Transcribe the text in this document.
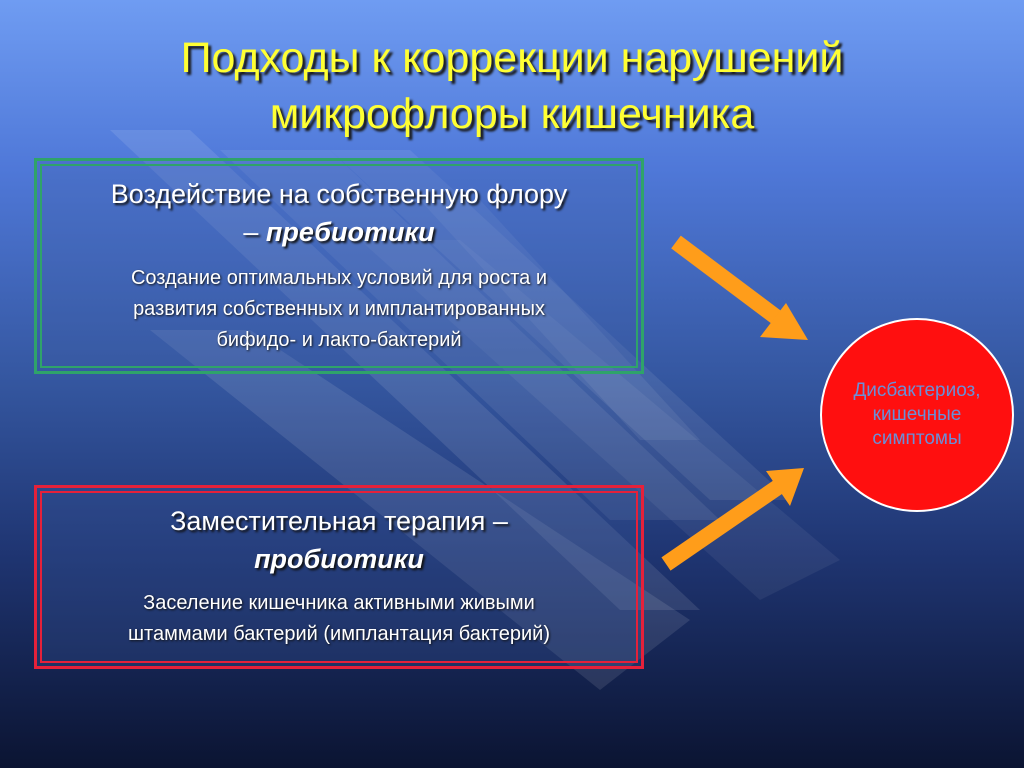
Подходы к коррекции нарушений
микрофлоры кишечника
Воздействие на собственную флору
– пребиотики
Создание оптимальных условий для роста и
развития собственных и имплантированных
бифидо- и лакто-бактерий
Заместительная терапия –
пробиотики
Заселение кишечника активными живыми
штаммами бактерий (имплантация бактерий)
Дисбактериоз,
кишечные
симптомы
